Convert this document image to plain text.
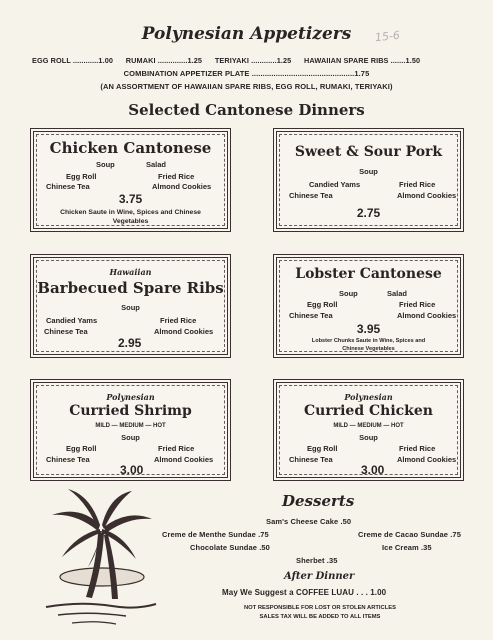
Polynesian Appetizers	15-6
EGG ROLL ............1.00      RUMAKI ..............1.25      TERIYAKI ............1.25      HAWAIIAN SPARE RIBS .......1.50
COMBINATION APPETIZER PLATE ...............................................1.75
(AN ASSORTMENT OF HAWAIIAN SPARE RIBS, EGG ROLL, RUMAKI, TERIYAKI)
Selected Cantonese Dinners
Chicken Cantonese
Soup	Salad
Egg Roll	Fried Rice
Chinese Tea	Almond Cookies
3.75
Chicken Saute in Wine, Spices and Chinese
Vegetables
Sweet & Sour Pork
Soup
Candied Yams	Fried Rice
Chinese Tea	Almond Cookies
2.75
Hawaiian
Barbecued Spare Ribs
Soup
Candied Yams	Fried Rice
Chinese Tea	Almond Cookies
2.95
Lobster Cantonese
Soup	Salad
Egg Roll	Fried Rice
Chinese Tea	Almond Cookies
3.95
Lobster Chunks Saute in Wine, Spices and
Chinese Vegetables
Polynesian
Curried Shrimp
MILD — MEDIUM — HOT
Soup
Egg Roll	Fried Rice
Chinese Tea	Almond Cookies
3.00
Polynesian
Curried Chicken
MILD — MEDIUM — HOT
Soup
Egg Roll	Fried Rice
Chinese Tea	Almond Cookies
3.00
Desserts
Sam's Cheese Cake .50
Creme de Menthe Sundae .75	Creme de Cacao Sundae .75
Chocolate Sundae .50	Ice Cream .35
Sherbet .35
After Dinner
May We Suggest a COFFEE LUAU . . . 1.00
NOT RESPONSIBLE FOR LOST OR STOLEN ARTICLES
SALES TAX WILL BE ADDED TO ALL ITEMS
